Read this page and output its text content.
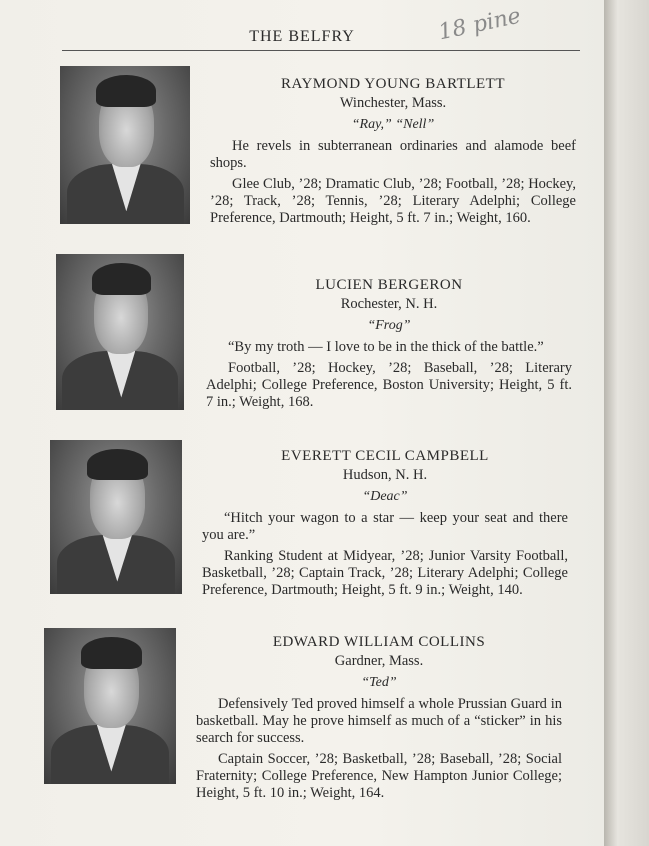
THE BELFRY	18 pine
RAYMOND YOUNG BARTLETT
Winchester, Mass.
“Ray,” “Nell”

He revels in subterranean ordinaries and alamode beef shops.

Glee Club, ’28; Dramatic Club, ’28; Football, ’28; Hockey, ’28; Track, ’28; Tennis, ’28; Literary Adelphi; College Preference, Dartmouth; Height, 5 ft. 7 in.; Weight, 160.

LUCIEN BERGERON
Rochester, N. H.
“Frog”

“By my troth — I love to be in the thick of the battle.”

Football, ’28; Hockey, ’28; Baseball, ’28; Literary Adelphi; College Preference, Boston University; Height, 5 ft. 7 in.; Weight, 168.

EVERETT CECIL CAMPBELL
Hudson, N. H.
“Deac”

“Hitch your wagon to a star — keep your seat and there you are.”

Ranking Student at Midyear, ’28; Junior Varsity Football, Basketball, ’28; Captain Track, ’28; Literary Adelphi; College Preference, Dartmouth; Height, 5 ft. 9 in.; Weight, 140.

EDWARD WILLIAM COLLINS
Gardner, Mass.
“Ted”

Defensively Ted proved himself a whole Prussian Guard in basketball. May he prove himself as much of a “sticker” in his search for success.

Captain Soccer, ’28; Basketball, ’28; Baseball, ’28; Social Fraternity; College Preference, New Hampton Junior College; Height, 5 ft. 10 in.; Weight, 164.
